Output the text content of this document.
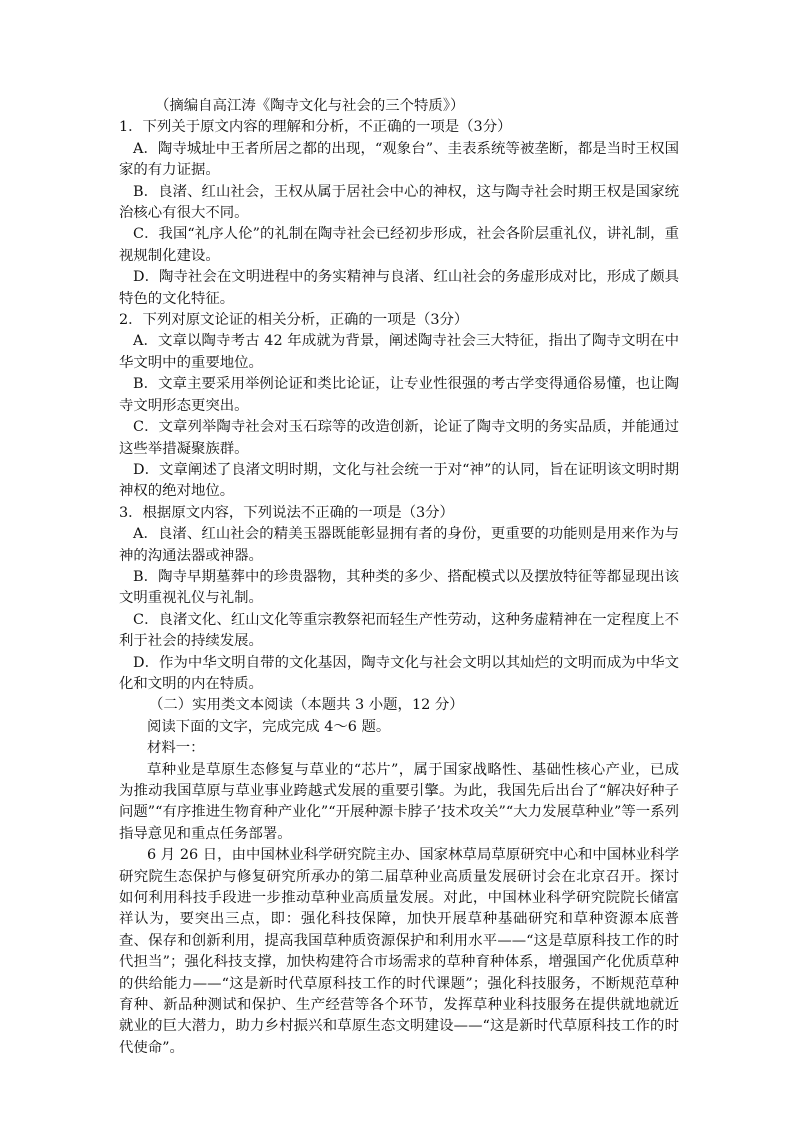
（摘编自高江涛《陶寺文化与社会的三个特质》）

1．下列关于原文内容的理解和分析，不正确的一项是（3分）

A．陶寺城址中王者所居之都的出现，“观象台”、圭表系统等被垄断，都是当时王权国家的有力证据。

B．良渚、红山社会，王权从属于居社会中心的神权，这与陶寺社会时期王权是国家统治核心有很大不同。

C．我国“礼序人伦”的礼制在陶寺社会已经初步形成，社会各阶层重礼仪，讲礼制，重视规制化建设。

D．陶寺社会在文明进程中的务实精神与良渚、红山社会的务虚形成对比，形成了颇具特色的文化特征。

2．下列对原文论证的相关分析，正确的一项是（3分）

A．文章以陶寺考古 42 年成就为背景，阐述陶寺社会三大特征，指出了陶寺文明在中华文明中的重要地位。

B．文章主要采用举例论证和类比论证，让专业性很强的考古学变得通俗易懂，也让陶寺文明形态更突出。

C．文章列举陶寺社会对玉石琮等的改造创新，论证了陶寺文明的务实品质，并能通过这些举措凝聚族群。

D．文章阐述了良渚文明时期，文化与社会统一于对“神”的认同，旨在证明该文明时期神权的绝对地位。

3．根据原文内容，下列说法不正确的一项是（3分）

A．良渚、红山社会的精美玉器既能彰显拥有者的身份，更重要的功能则是用来作为与神的沟通法器或神器。

B．陶寺早期墓葬中的珍贵器物，其种类的多少、搭配模式以及摆放特征等都显现出该文明重视礼仪与礼制。

C．良渚文化、红山文化等重宗教祭祀而轻生产性劳动，这种务虚精神在一定程度上不利于社会的持续发展。

D．作为中华文明自带的文化基因，陶寺文化与社会文明以其灿烂的文明而成为中华文化和文明的内在特质。

（二）实用类文本阅读（本题共 3 小题，12 分）

阅读下面的文字，完成完成 4～6 题。

材料一：

草种业是草原生态修复与草业的“芯片”，属于国家战略性、基础性核心产业，已成为推动我国草原与草业事业跨越式发展的重要引擎。为此，我国先后出台了“解决好种子问题”“有序推进生物育种产业化”“开展种源卡脖子’技术攻关”“大力发展草种业”等一系列指导意见和重点任务部署。

6 月 26 日，由中国林业科学研究院主办、国家林草局草原研究中心和中国林业科学研究院生态保护与修复研究所承办的第二届草种业高质量发展研讨会在北京召开。探讨如何利用科技手段进一步推动草种业高质量发展。对此，中国林业科学研究院院长储富祥认为，要突出三点，即：强化科技保障，加快开展草种基础研究和草种资源本底普查、保存和创新利用，提高我国草种质资源保护和利用水平——“这是草原科技工作的时代担当”；强化科技支撑，加快构建符合市场需求的草种育种体系，增强国产化优质草种的供给能力——“这是新时代草原科技工作的时代课题”；强化科技服务，不断规范草种育种、新品种测试和保护、生产经营等各个环节，发挥草种业科技服务在提供就地就近就业的巨大潜力，助力乡村振兴和草原生态文明建设——“这是新时代草原科技工作的时代使命”。
